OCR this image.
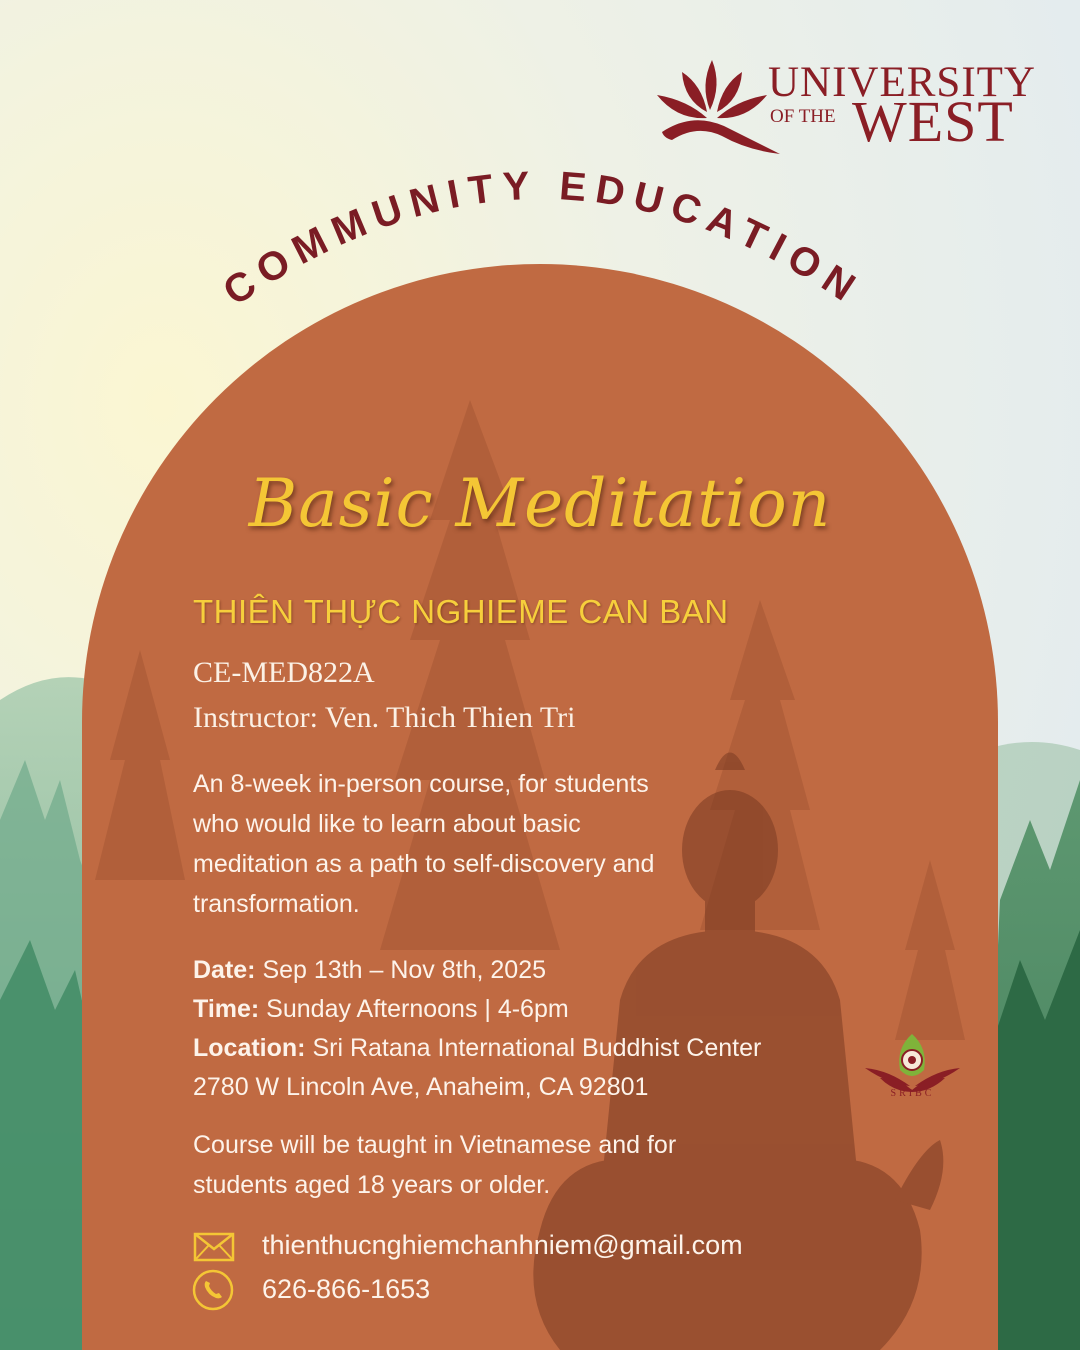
UNIVERSITY
OF THE WEST
COMMUNITY EDUCATION
Basic Meditation
THIÊN THỰC NGHIEME CAN BAN
CE-MED822A
Instructor: Ven. Thich Thien Tri
An 8-week in-person course, for students
who would like to learn about basic
meditation as a path to self-discovery and
transformation.
Date: Sep 13th – Nov 8th, 2025
Time: Sunday Afternoons | 4-6pm
Location: Sri Ratana International Buddhist Center
2780 W Lincoln Ave, Anaheim, CA 92801
Course will be taught in Vietnamese and for
students aged 18 years or older.
thienthucnghiemchanhniem@gmail.com
626-866-1653
SRIBC
